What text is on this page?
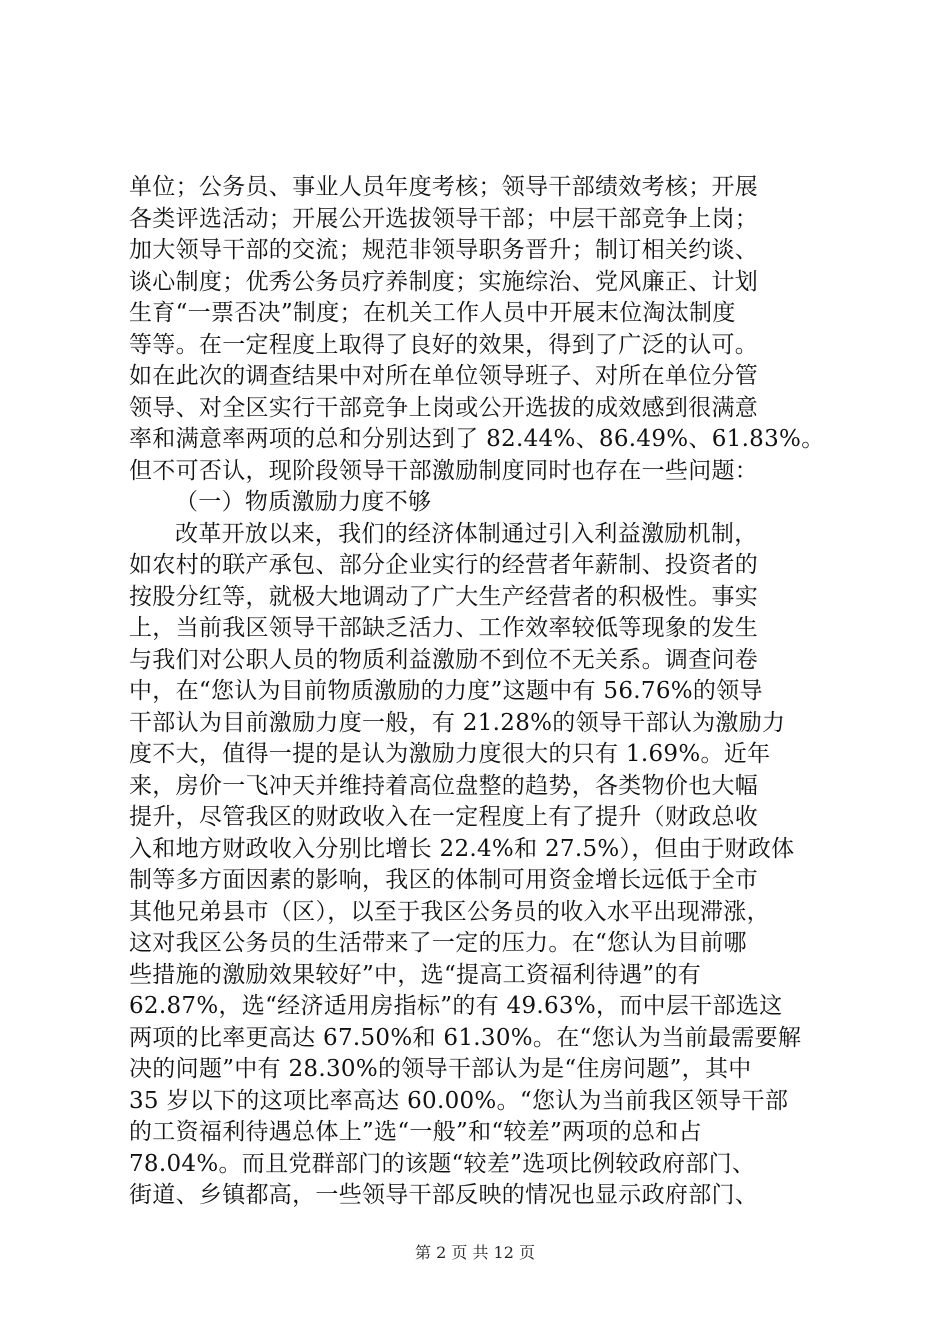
单位；公务员、事业人员年度考核；领导干部绩效考核；开展
各类评选活动；开展公开选拔领导干部；中层干部竞争上岗；
加大领导干部的交流；规范非领导职务晋升；制订相关约谈、
谈心制度；优秀公务员疗养制度；实施综治、党风廉正、计划
生育“一票否决”制度；在机关工作人员中开展末位淘汰制度
等等。在一定程度上取得了良好的效果，得到了广泛的认可。
如在此次的调查结果中对所在单位领导班子、对所在单位分管
领导、对全区实行干部竞争上岗或公开选拔的成效感到很满意
率和满意率两项的总和分别达到了 82.44%、86.49%、61.83%。
但不可否认，现阶段领导干部激励制度同时也存在一些问题：
（一）物质激励力度不够
改革开放以来，我们的经济体制通过引入利益激励机制，
如农村的联产承包、部分企业实行的经营者年薪制、投资者的
按股分红等，就极大地调动了广大生产经营者的积极性。事实
上，当前我区领导干部缺乏活力、工作效率较低等现象的发生
与我们对公职人员的物质利益激励不到位不无关系。调查问卷
中，在“您认为目前物质激励的力度”这题中有 56.76%的领导
干部认为目前激励力度一般，有 21.28%的领导干部认为激励力
度不大，值得一提的是认为激励力度很大的只有 1.69%。近年
来，房价一飞冲天并维持着高位盘整的趋势，各类物价也大幅
提升，尽管我区的财政收入在一定程度上有了提升（财政总收
入和地方财政收入分别比增长 22.4%和 27.5%），但由于财政体
制等多方面因素的影响，我区的体制可用资金增长远低于全市
其他兄弟县市（区），以至于我区公务员的收入水平出现滞涨，
这对我区公务员的生活带来了一定的压力。在“您认为目前哪
些措施的激励效果较好”中，选“提高工资福利待遇”的有
62.87%，选“经济适用房指标”的有 49.63%，而中层干部选这
两项的比率更高达 67.50%和 61.30%。在“您认为当前最需要解
决的问题”中有 28.30%的领导干部认为是“住房问题”，其中
35 岁以下的这项比率高达 60.00%。“您认为当前我区领导干部
的工资福利待遇总体上”选“一般”和“较差”两项的总和占
78.04%。而且党群部门的该题“较差”选项比例较政府部门、
街道、乡镇都高，一些领导干部反映的情况也显示政府部门、
第 2 页 共 12 页
